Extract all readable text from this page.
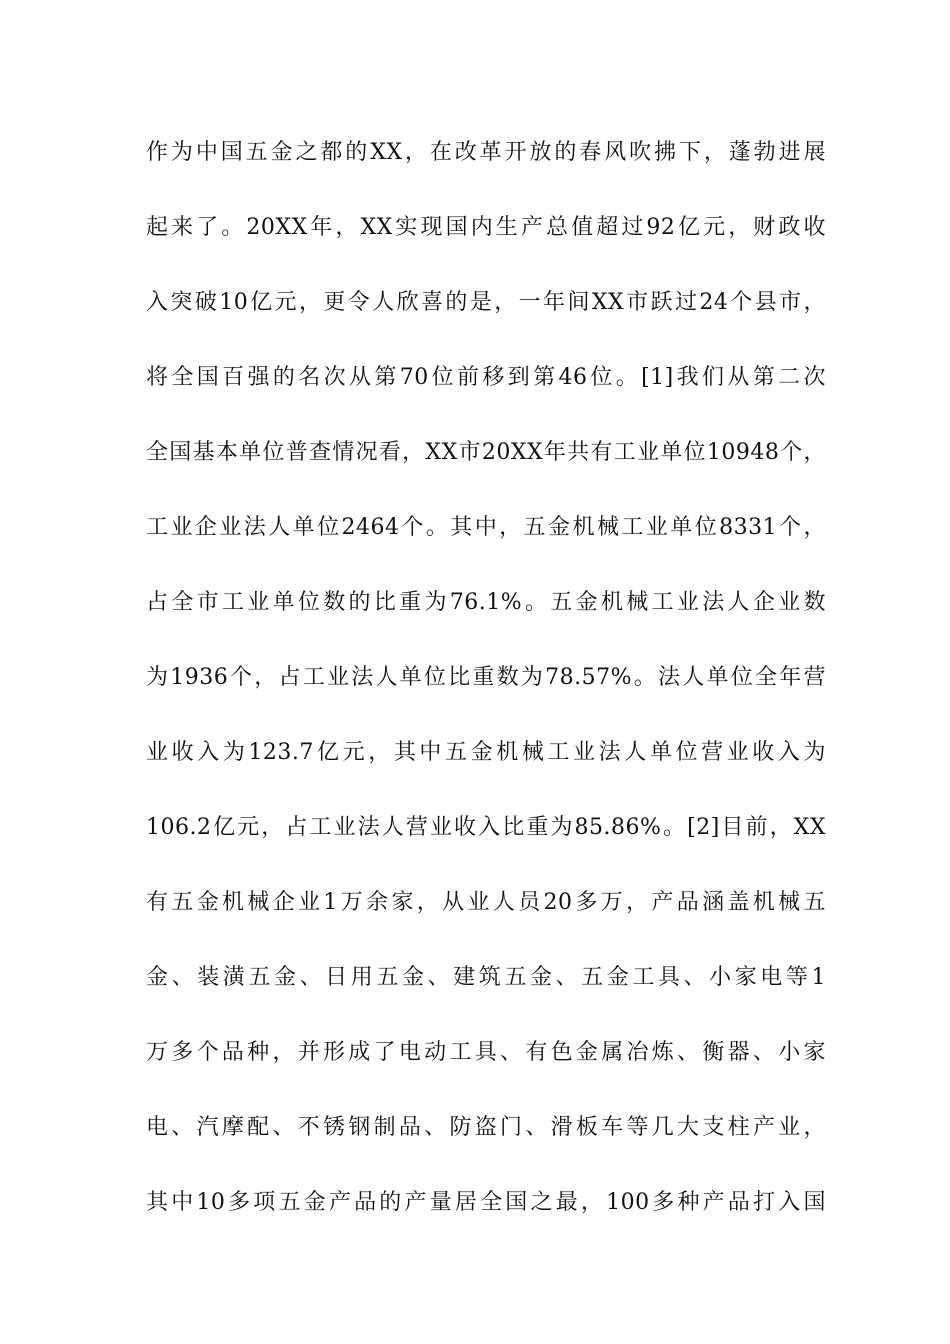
作为中国五金之都的XX，在改革开放的春风吹拂下，蓬勃进展
起来了。20XX年，XX实现国内生产总值超过92亿元，财政收
入突破10亿元，更令人欣喜的是，一年间XX市跃过24个县市，
将全国百强的名次从第70位前移到第46位。[1]我们从第二次
全国基本单位普查情况看，XX市20XX年共有工业单位10948个，
工业企业法人单位2464个。其中，五金机械工业单位8331个，
占全市工业单位数的比重为76.1%。五金机械工业法人企业数
为1936个，占工业法人单位比重数为78.57%。法人单位全年营
业收入为123.7亿元，其中五金机械工业法人单位营业收入为
106.2亿元，占工业法人营业收入比重为85.86%。[2]目前，XX
有五金机械企业1万余家，从业人员20多万，产品涵盖机械五
金、装潢五金、日用五金、建筑五金、五金工具、小家电等1
万多个品种，并形成了电动工具、有色金属冶炼、衡器、小家
电、汽摩配、不锈钢制品、防盗门、滑板车等几大支柱产业，
其中10多项五金产品的产量居全国之最，100多种产品打入国
